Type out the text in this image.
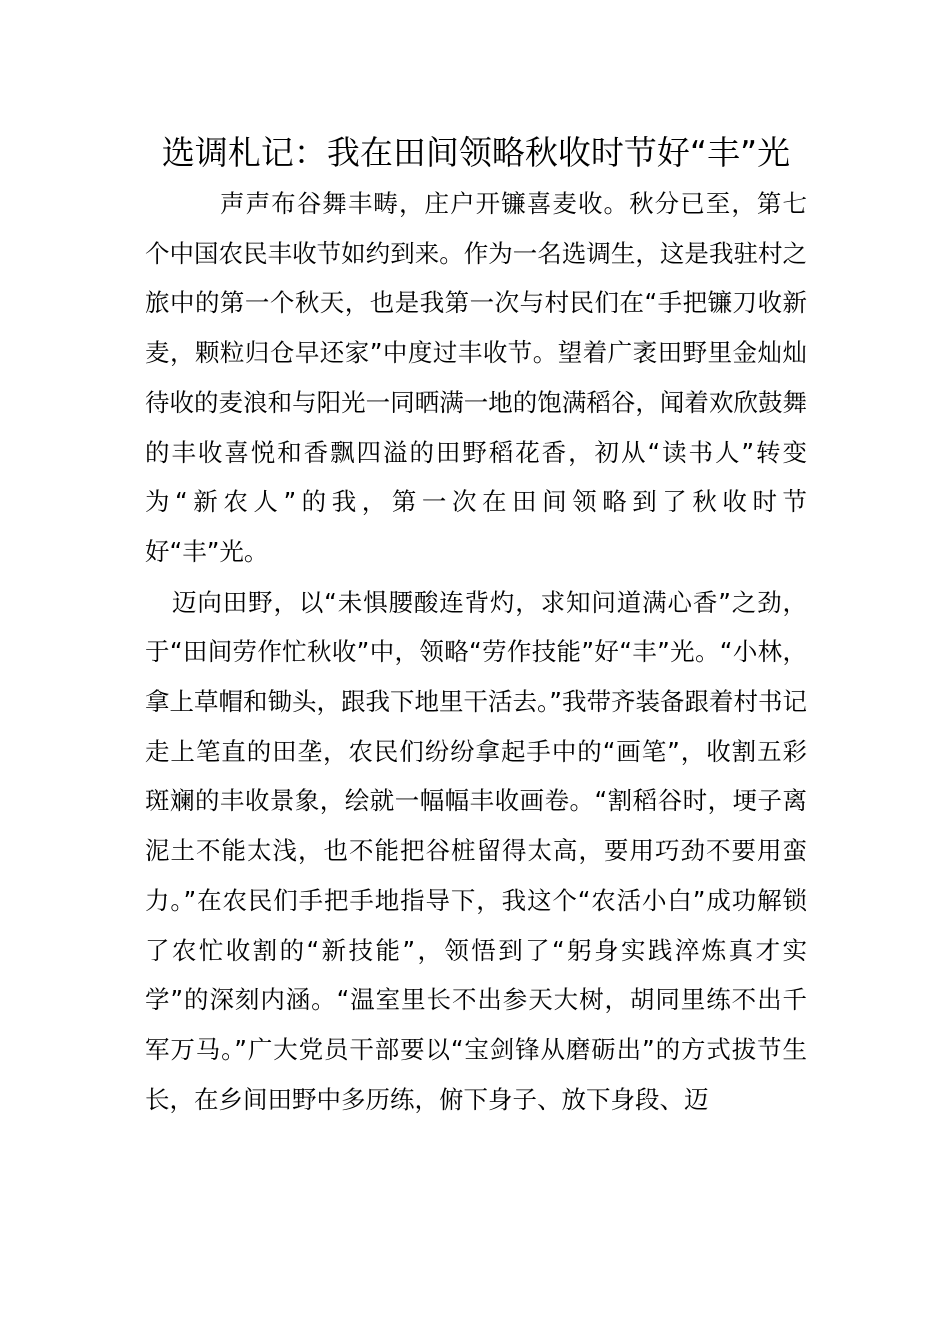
选调札记：我在田间领略秋收时节好“丰”光

声声布谷舞丰畴，庄户开镰喜麦收。秋分已至，第七个中国农民丰收节如约到来。作为一名选调生，这是我驻村之旅中的第一个秋天，也是我第一次与村民们在“手把镰刀收新麦，颗粒归仓早还家”中度过丰收节。望着广袤田野里金灿灿待收的麦浪和与阳光一同晒满一地的饱满稻谷，闻着欢欣鼓舞的丰收喜悦和香飘四溢的田野稻花香，初从“读书人”转变为“新农人”的我，第一次在田间领略到了秋收时节好“丰”光。

迈向田野，以“未惧腰酸连背灼，求知问道满心香”之劲，于“田间劳作忙秋收”中，领略“劳作技能”好“丰”光。“小林，拿上草帽和锄头，跟我下地里干活去。”我带齐装备跟着村书记走上笔直的田垄，农民们纷纷拿起手中的“画笔”，收割五彩斑斓的丰收景象，绘就一幅幅丰收画卷。“割稻谷时，埂子离泥土不能太浅，也不能把谷桩留得太高，要用巧劲不要用蛮力。”在农民们手把手地指导下，我这个“农活小白”成功解锁了农忙收割的“新技能”，领悟到了“躬身实践淬炼真才实学”的深刻内涵。“温室里长不出参天大树，胡同里练不出千军万马。”广大党员干部要以“宝剑锋从磨砺出”的方式拔节生长，在乡间田野中多历练，俯下身子、放下身段、迈
